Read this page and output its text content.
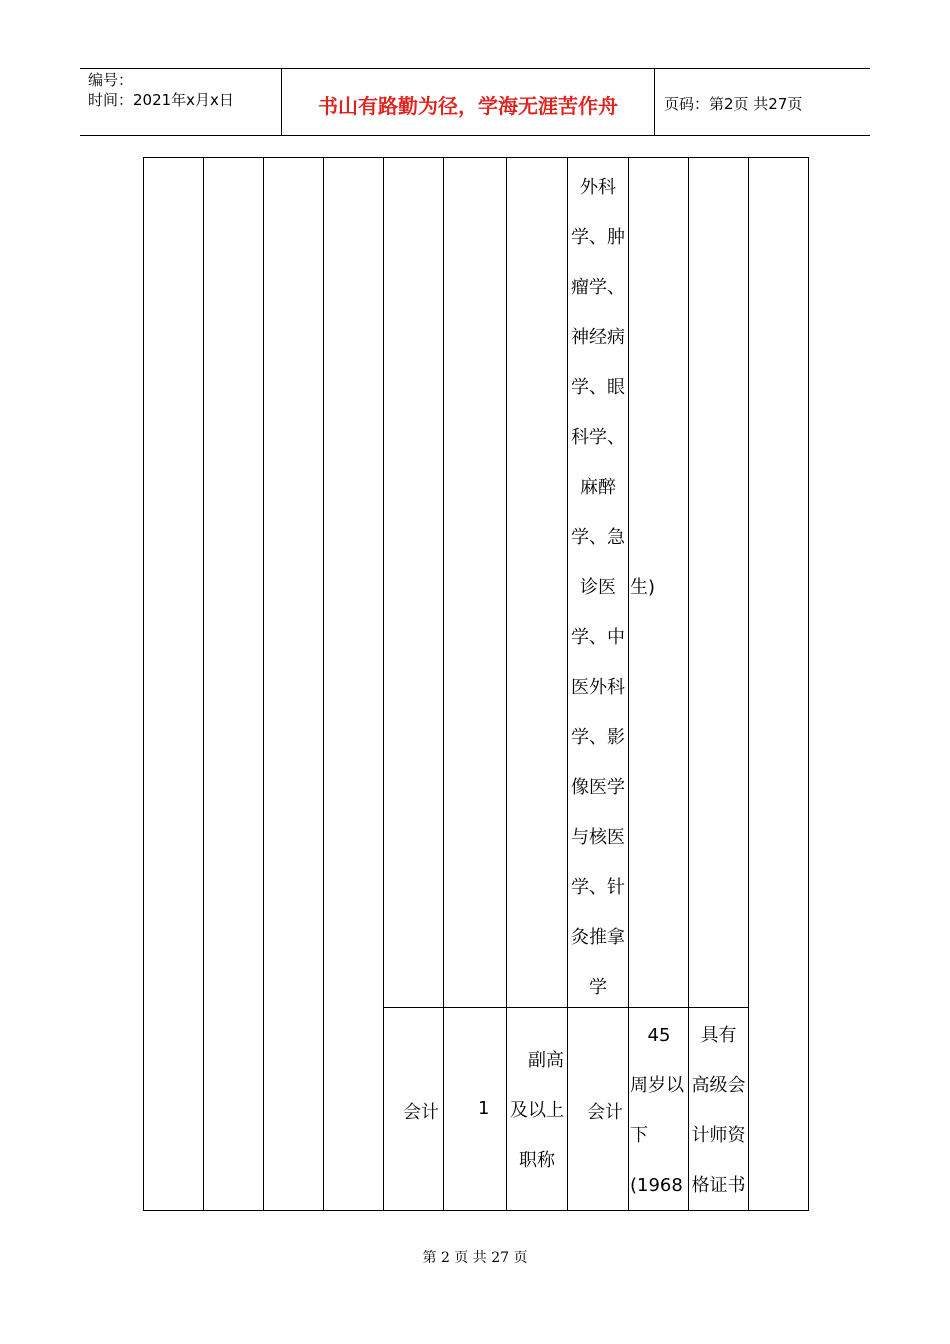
编号：
时间：2021年x月x日	书山有路勤为径，学海无涯苦作舟	页码：第2页 共27页
外科
学、肿
瘤学、
神经病
学、眼
科学、
麻醉
学、急
诊医
学、中
医外科
学、影
像医学
与核医
学、针
灸推拿
学
生)
会计 1
副高
及以上
职称
会计
45
周岁以
下
(1968
具有
高级会
计师资
格证书
第 2 页 共 27 页
